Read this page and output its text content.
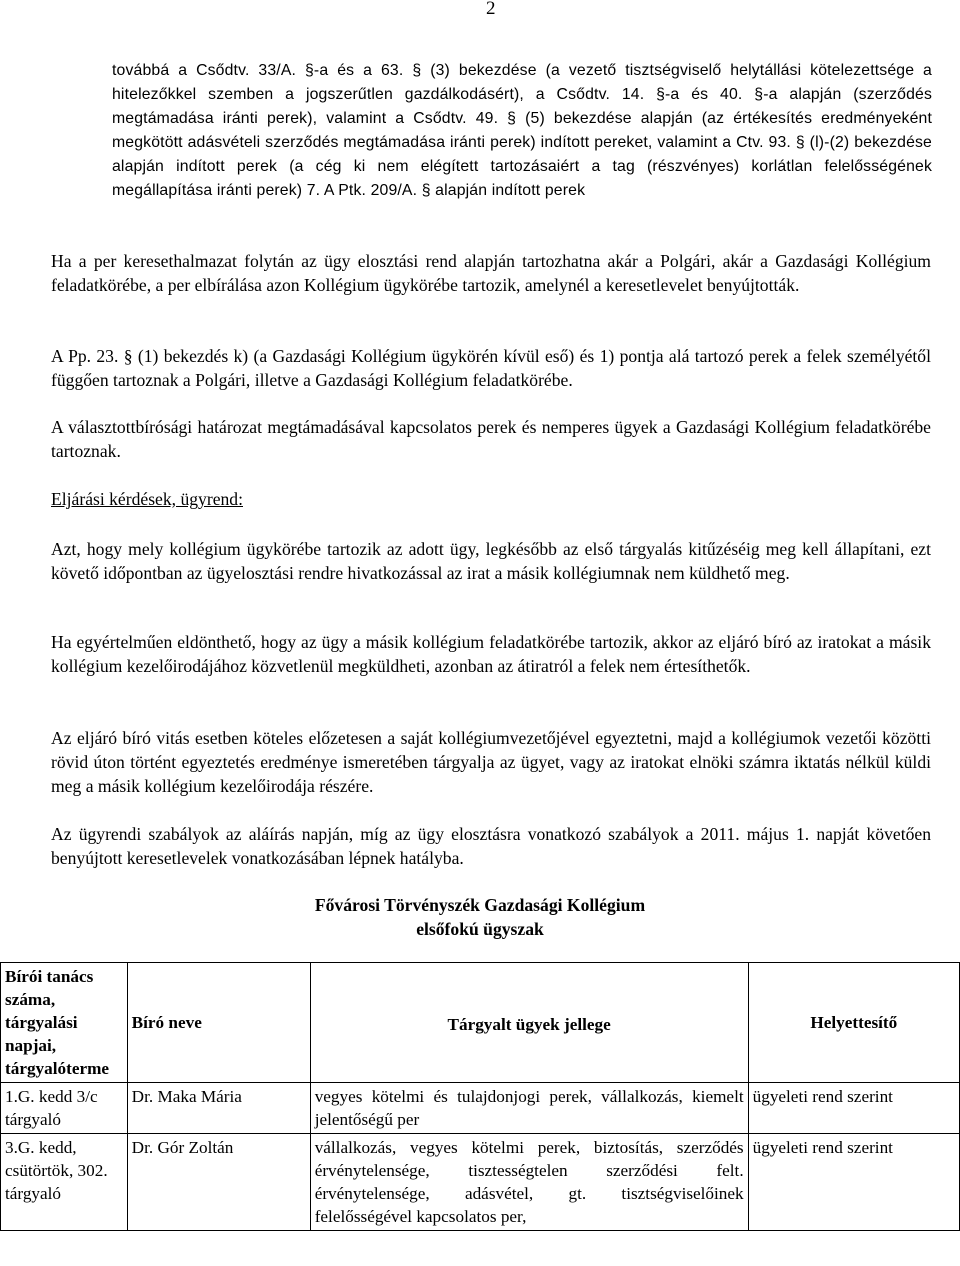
2

továbbá a Csődtv. 33/A. §-a és a 63. § (3) bekezdése (a vezető tisztségviselő helytállási kötelezettsége a hitelezőkkel szemben a jogszerűtlen gazdálkodásért), a Csődtv. 14. §-a és 40. §-a alapján (szerződés megtámadása iránti perek), valamint a Csődtv. 49. § (5) bekezdése alapján (az értékesítés eredményeként megkötött adásvételi szerződés megtámadása iránti perek) indított pereket, valamint a Ctv. 93. § (l)-(2) bekezdése alapján indított perek (a cég ki nem elégített tartozásaiért a tag (részvényes) korlátlan felelősségének megállapítása iránti perek) 7. A Ptk. 209/A. § alapján indított perek

Ha a per keresethalmazat folytán az ügy elosztási rend alapján tartozhatna akár a Polgári, akár a Gazdasági Kollégium feladatkörébe, a per elbírálása azon Kollégium ügykörébe tartozik, amelynél a keresetlevelet benyújtották.

A Pp. 23. § (1) bekezdés k) (a Gazdasági Kollégium ügykörén kívül eső) és 1) pontja alá tartozó perek a felek személyétől függően tartoznak a Polgári, illetve a Gazdasági Kollégium feladatkörébe.

A választottbírósági határozat megtámadásával kapcsolatos perek és nemperes ügyek a Gazdasági Kollégium feladatkörébe tartoznak.

Eljárási kérdések, ügyrend:

Azt, hogy mely kollégium ügykörébe tartozik az adott ügy, legkésőbb az első tárgyalás kitűzéséig meg kell állapítani, ezt követő időpontban az ügyelosztási rendre hivatkozással az irat a másik kollégiumnak nem küldhető meg.

Ha egyértelműen eldönthető, hogy az ügy a másik kollégium feladatkörébe tartozik, akkor az eljáró bíró az iratokat a másik kollégium kezelőirodájához közvetlenül megküldheti, azonban az átiratról a felek nem értesíthetők.

Az eljáró bíró vitás esetben köteles előzetesen a saját kollégiumvezetőjével egyeztetni, majd a kollégiumok vezetői közötti rövid úton történt egyeztetés eredménye ismeretében tárgyalja az ügyet, vagy az iratokat elnöki számra iktatás nélkül küldi meg a másik kollégium kezelőirodája részére.

Az ügyrendi szabályok az aláírás napján, míg az ügy elosztásra vonatkozó szabályok a 2011. május 1. napját követően benyújtott keresetlevelek vonatkozásában lépnek hatályba.

Fővárosi Törvényszék Gazdasági Kollégium
elsőfokú ügyszak
Bírói tanács száma, tárgyalási napjai, tárgyalóterme	Bíró neve	Tárgyalt ügyek jellege	Helyettesítő
1.G. kedd 3/c tárgyaló	Dr. Maka Mária	vegyes kötelmi és tulajdonjogi perek, vállalkozás, kiemelt jelentőségű per	ügyeleti rend szerint
3.G. kedd, csütörtök, 302. tárgyaló	Dr. Gór Zoltán	vállalkozás, vegyes kötelmi perek, biztosítás, szerződés érvénytelensége, tisztességtelen szerződési felt. érvénytelensége, adásvétel, gt. tisztségviselőinek felelősségével kapcsolatos per,	ügyeleti rend szerint
